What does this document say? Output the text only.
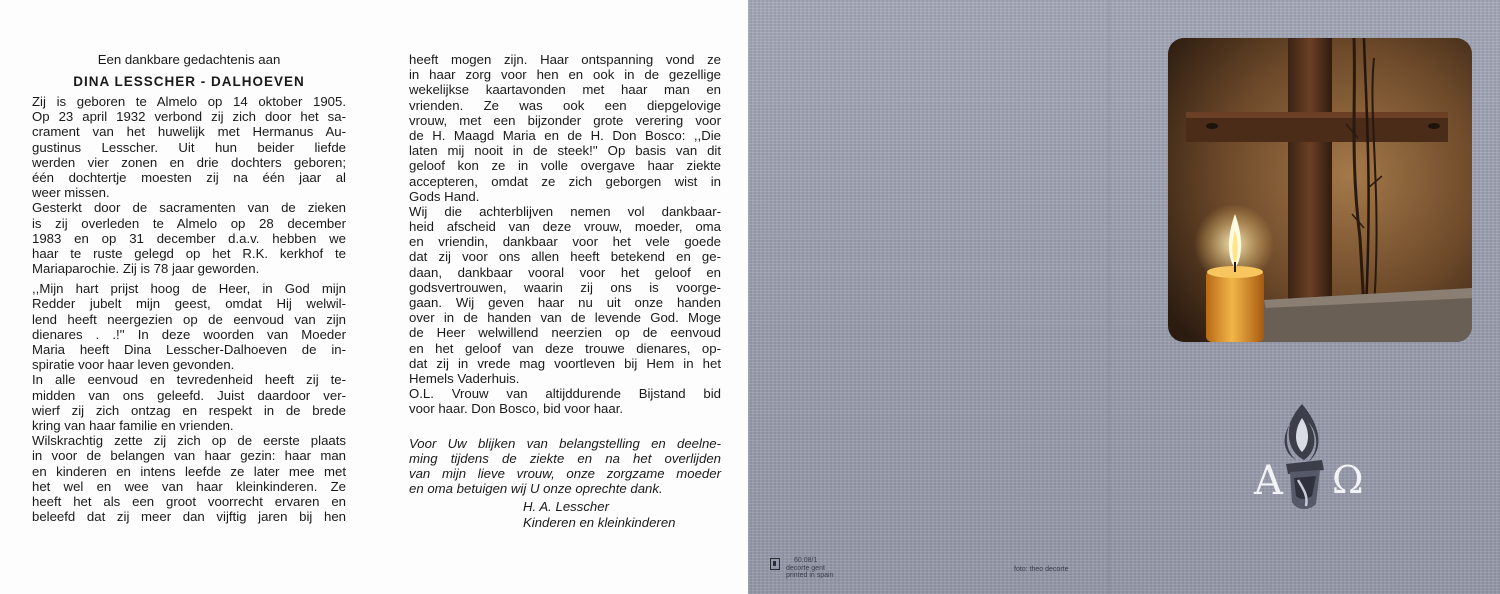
Een dankbare gedachtenis aan
DINA LESSCHER - DALHOEVEN
Zij is geboren te Almelo op 14 oktober 1905.
Op 23 april 1932 verbond zij zich door het sa-
crament van het huwelijk met Hermanus Au-
gustinus Lesscher. Uit hun beider liefde
werden vier zonen en drie dochters geboren;
één dochtertje moesten zij na één jaar al
weer missen.
Gesterkt door de sacramenten van de zieken
is zij overleden te Almelo op 28 december
1983 en op 31 december d.a.v. hebben we
haar te ruste gelegd op het R.K. kerkhof te
Mariaparochie. Zij is 78 jaar geworden.
,,Mijn hart prijst hoog de Heer, in God mijn
Redder jubelt mijn geest, omdat Hij welwil-
lend heeft neergezien op de eenvoud van zijn
dienares . .!'' In deze woorden van Moeder
Maria heeft Dina Lesscher-Dalhoeven de in-
spiratie voor haar leven gevonden.
In alle eenvoud en tevredenheid heeft zij te-
midden van ons geleefd. Juist daardoor ver-
wierf zij zich ontzag en respekt in de brede
kring van haar familie en vrienden.
Wilskrachtig zette zij zich op de eerste plaats
in voor de belangen van haar gezin: haar man
en kinderen en intens leefde ze later mee met
het wel en wee van haar kleinkinderen. Ze
heeft het als een groot voorrecht ervaren en
beleefd dat zij meer dan vijftig jaren bij hen
heeft mogen zijn. Haar ontspanning vond ze
in haar zorg voor hen en ook in de gezellige
wekelijkse kaartavonden met haar man en
vrienden. Ze was ook een diepgelovige
vrouw, met een bijzonder grote verering voor
de H. Maagd Maria en de H. Don Bosco: ,,Die
laten mij nooit in de steek!'' Op basis van dit
geloof kon ze in volle overgave haar ziekte
accepteren, omdat ze zich geborgen wist in
Gods Hand.
Wij die achterblijven nemen vol dankbaar-
heid afscheid van deze vrouw, moeder, oma
en vriendin, dankbaar voor het vele goede
dat zij voor ons allen heeft betekend en ge-
daan, dankbaar vooral voor het geloof en
godsvertrouwen, waarin zij ons is voorge-
gaan. Wij geven haar nu uit onze handen
over in de handen van de levende God. Moge
de Heer welwillend neerzien op de eenvoud
en het geloof van deze trouwe dienares, op-
dat zij in vrede mag voortleven bij Hem in het
Hemels Vaderhuis.
O.L. Vrouw van altijddurende Bijstand bid
voor haar. Don Bosco, bid voor haar.
Voor Uw blijken van belangstelling en deelne-
ming tijdens de ziekte en na het overlijden
van mijn lieve vrouw, onze zorgzame moeder
en oma betuigen wij U onze oprechte dank.
H. A. Lesscher
Kinderen en kleinkinderen
A Ω
60.08/1
decorte gent
printed in spain
foto: theo decorte
